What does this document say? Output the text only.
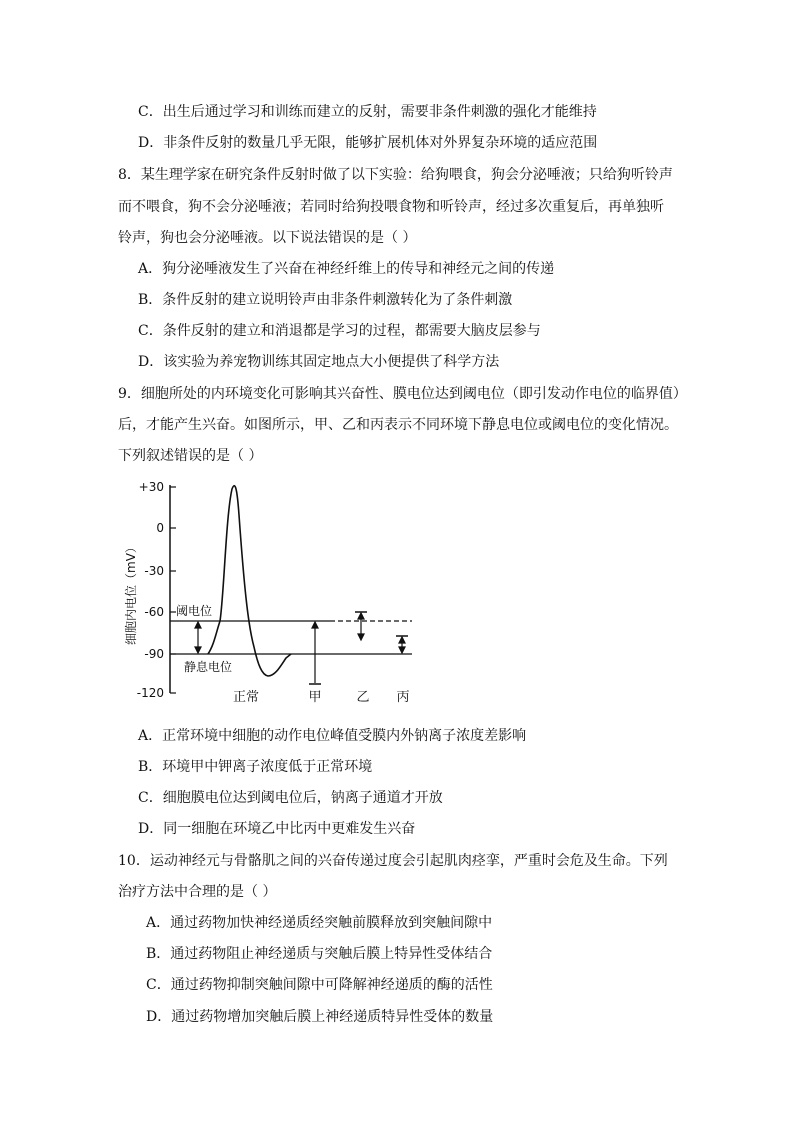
C．出生后通过学习和训练而建立的反射，需要非条件刺激的强化才能维持
D．非条件反射的数量几乎无限，能够扩展机体对外界复杂环境的适应范围
8．某生理学家在研究条件反射时做了以下实验：给狗喂食，狗会分泌唾液；只给狗听铃声
而不喂食，狗不会分泌唾液；若同时给狗投喂食物和听铃声，经过多次重复后，再单独听
铃声，狗也会分泌唾液。以下说法错误的是（ ）
A．狗分泌唾液发生了兴奋在神经纤维上的传导和神经元之间的传递
B．条件反射的建立说明铃声由非条件刺激转化为了条件刺激
C．条件反射的建立和消退都是学习的过程，都需要大脑皮层参与
D．该实验为养宠物训练其固定地点大小便提供了科学方法
9．细胞所处的内环境变化可影响其兴奋性、膜电位达到阈电位（即引发动作电位的临界值）
后，才能产生兴奋。如图所示，甲、乙和丙表示不同环境下静息电位或阈电位的变化情况。
下列叙述错误的是（ ）
+30
0
-30
-60
-90
-120
细胞内电位（mV）	阈电位
静息电位
正常	甲	乙 丙
A．正常环境中细胞的动作电位峰值受膜内外钠离子浓度差影响
B．环境甲中钾离子浓度低于正常环境
C．细胞膜电位达到阈电位后，钠离子通道才开放
D．同一细胞在环境乙中比丙中更难发生兴奋
10．运动神经元与骨骼肌之间的兴奋传递过度会引起肌肉痉挛，严重时会危及生命。下列
治疗方法中合理的是（ ）
A．通过药物加快神经递质经突触前膜释放到突触间隙中
B．通过药物阻止神经递质与突触后膜上特异性受体结合
C．通过药物抑制突触间隙中可降解神经递质的酶的活性
D．通过药物增加突触后膜上神经递质特异性受体的数量
